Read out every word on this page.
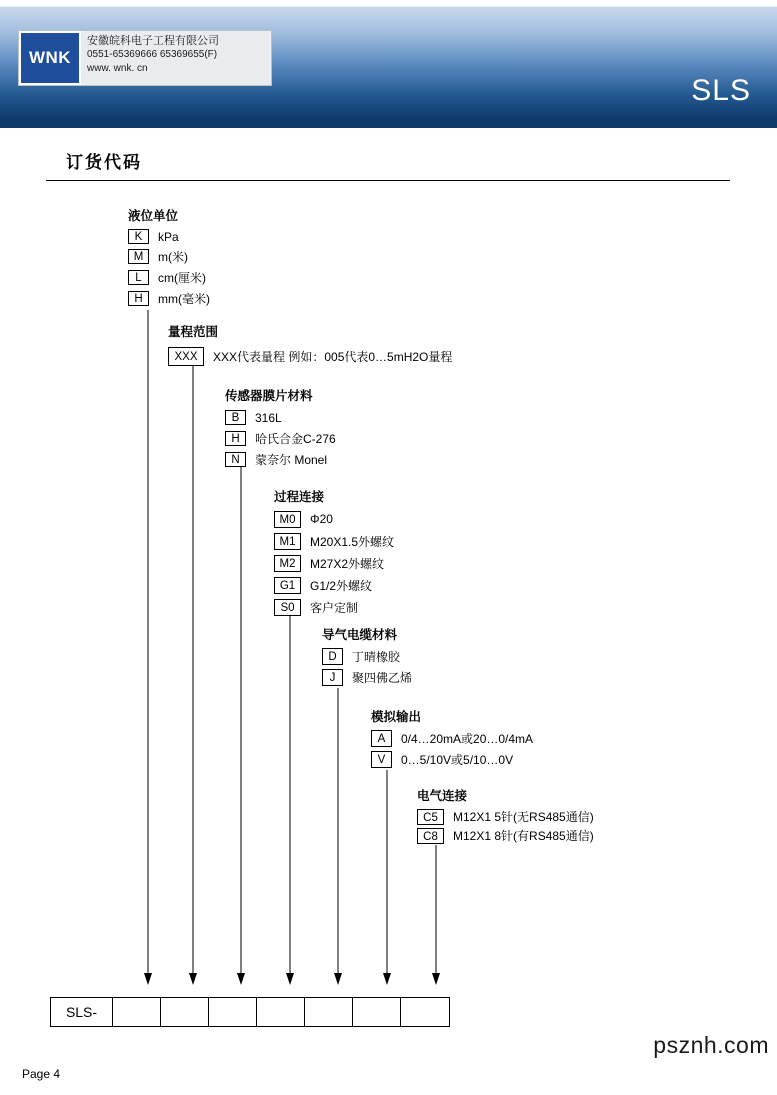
WNK
安徽皖科电子工程有限公司
0551-65369666 65369655(F)
www. wnk. cn
SLS
订货代码
液位单位
K	kPa
M	m(米)
L	cm(厘米)
H	mm(毫米)
量程范围
XXX	XXX代表量程 例如：005代表0…5mH2O量程
传感器膜片材料
B	316L
H	哈氏合金C-276
N	蒙奈尔 Monel
过程连接
M0	Φ20
M1	M20X1.5外螺纹
M2	M27X2外螺纹
G1	G1/2外螺纹
S0	客户定制
导气电缆材料
D	丁晴橡胶
J	聚四佛乙烯
模拟输出
A	0/4…20mA或20…0/4mA
V	0…5/10V或5/10…0V
电气连接
C5	M12X1 5针(无RS485通信)
C8	M12X1 8针(有RS485通信)
SLS-
Page 4
psznh.com
